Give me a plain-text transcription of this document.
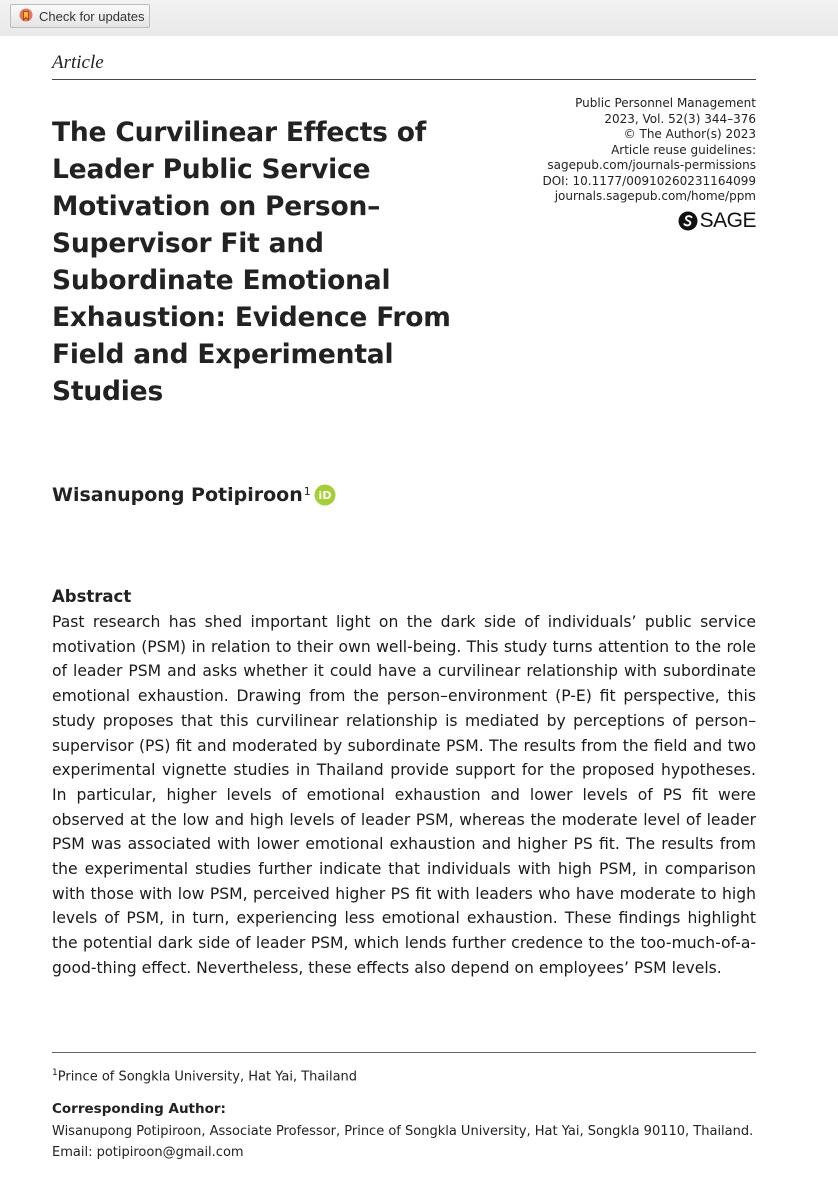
Check for updates
Article
The Curvilinear Effects of Leader Public Service Motivation on Person–Supervisor Fit and Subordinate Emotional Exhaustion: Evidence From Field and Experimental Studies
Public Personnel Management
2023, Vol. 52(3) 344–376
© The Author(s) 2023
Article reuse guidelines:
sagepub.com/journals-permissions
DOI: 10.1177/00910260231164099
journals.sagepub.com/home/ppm
SAGE
Wisanupong Potipiroon$^1$ iD
Abstract

Past research has shed important light on the dark side of individuals’ public service motivation (PSM) in relation to their own well-being. This study turns attention to the role of leader PSM and asks whether it could have a curvilinear relationship with subordinate emotional exhaustion. Drawing from the person–environment (P-E) fit perspective, this study proposes that this curvilinear relationship is mediated by perceptions of person–supervisor (PS) fit and moderated by subordinate PSM. The results from the field and two experimental vignette studies in Thailand provide support for the proposed hypotheses. In particular, higher levels of emotional exhaustion and lower levels of PS fit were observed at the low and high levels of leader PSM, whereas the moderate level of leader PSM was associated with lower emotional exhaustion and higher PS fit. The results from the experimental studies further indicate that individuals with high PSM, in comparison with those with low PSM, perceived higher PS fit with leaders who have moderate to high levels of PSM, in turn, experiencing less emotional exhaustion. These findings highlight the potential dark side of leader PSM, which lends further credence to the too-much-of-a-good-thing effect. Nevertheless, these effects also depend on employees’ PSM levels.

$^1$Prince of Songkla University, Hat Yai, Thailand
Corresponding Author:
Wisanupong Potipiroon, Associate Professor, Prince of Songkla University, Hat Yai, Songkla 90110, Thailand.
Email: potipiroon@gmail.com
